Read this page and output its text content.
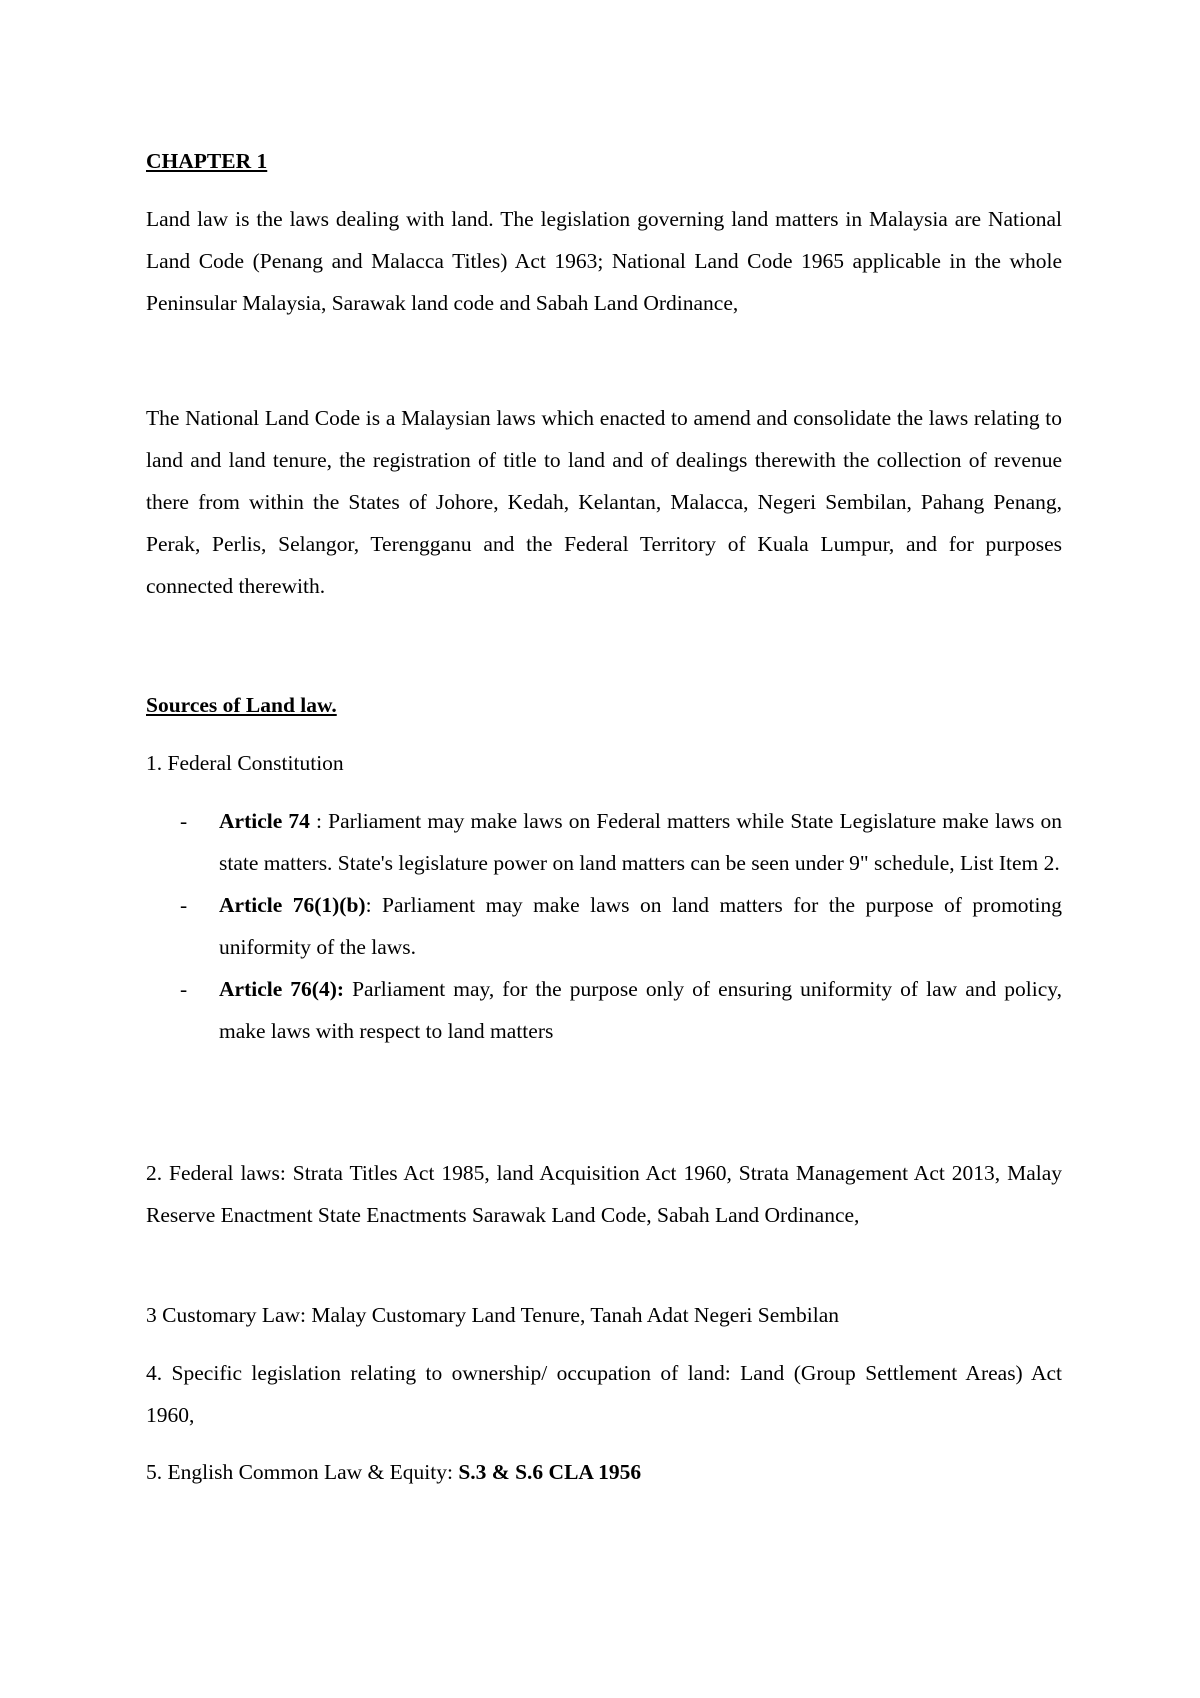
CHAPTER 1

Land law is the laws dealing with land. The legislation governing land matters in Malaysia are National Land Code (Penang and Malacca Titles) Act 1963; National Land Code 1965 applicable in the whole Peninsular Malaysia, Sarawak land code and Sabah Land Ordinance,

The National Land Code is a Malaysian laws which enacted to amend and consolidate the laws relating to land and land tenure, the registration of title to land and of dealings therewith the collection of revenue there from within the States of Johore, Kedah, Kelantan, Malacca, Negeri Sembilan, Pahang Penang, Perak, Perlis, Selangor, Terengganu and the Federal Territory of Kuala Lumpur, and for purposes connected therewith.

Sources of Land law.

1. Federal Constitution

- Article 74 : Parliament may make laws on Federal matters while State Legislature make laws on state matters. State's legislature power on land matters can be seen under 9" schedule, List Item 2.
- Article 76(1)(b): Parliament may make laws on land matters for the purpose of promoting uniformity of the laws.
- Article 76(4): Parliament may, for the purpose only of ensuring uniformity of law and policy, make laws with respect to land matters

2. Federal laws: Strata Titles Act 1985, land Acquisition Act 1960, Strata Management Act 2013, Malay Reserve Enactment State Enactments Sarawak Land Code, Sabah Land Ordinance,

3 Customary Law: Malay Customary Land Tenure, Tanah Adat Negeri Sembilan

4. Specific legislation relating to ownership/ occupation of land: Land (Group Settlement Areas) Act 1960,

5. English Common Law & Equity: S.3 & S.6 CLA 1956
